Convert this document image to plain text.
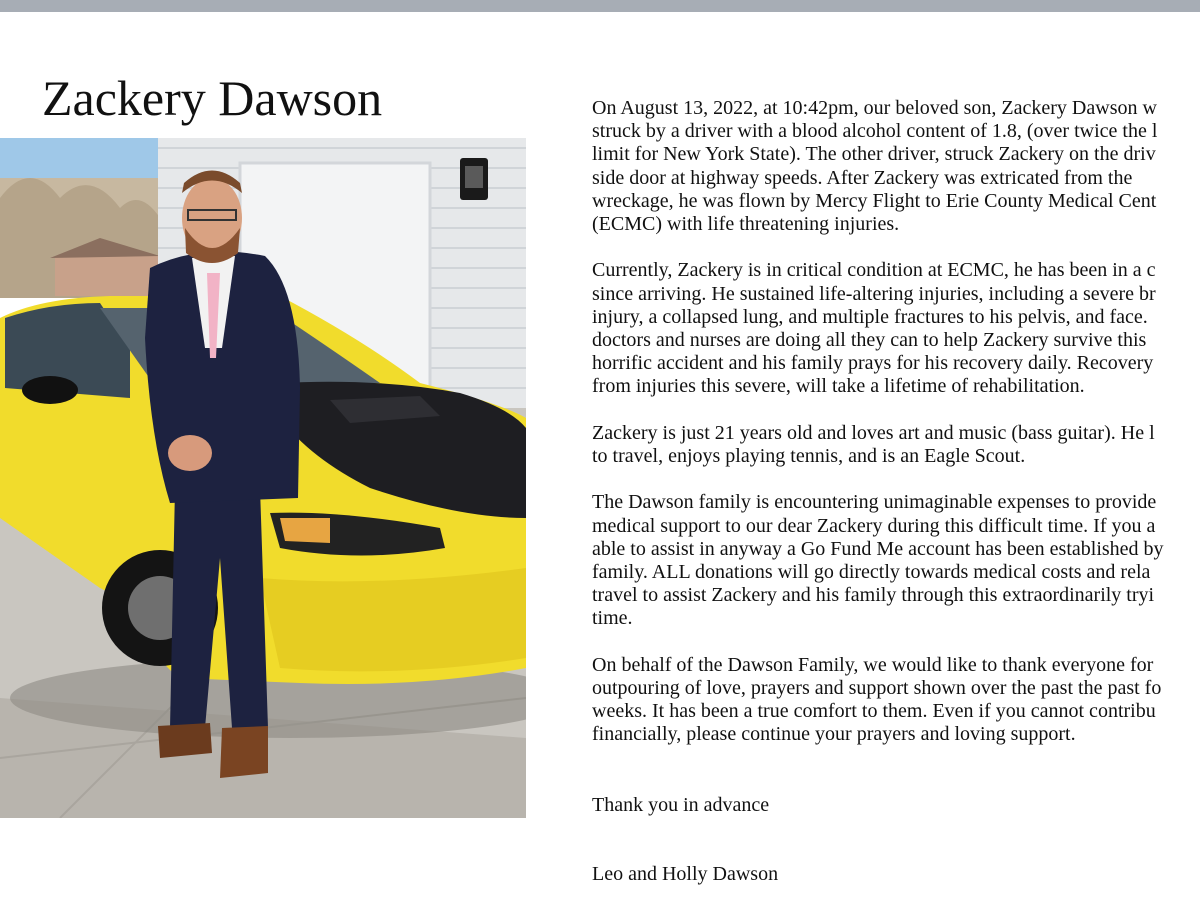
Zackery Dawson	On August 13, 2022, at 10:42pm, our beloved son, Zackery Dawson w
struck by a driver with a blood alcohol content of 1.8, (over twice the l
limit for New York State). The other driver, struck Zackery on the driv
side door at highway speeds. After Zackery was extricated from the
wreckage, he was flown by Mercy Flight to Erie County Medical Cent
(ECMC) with life threatening injuries.

Currently, Zackery is in critical condition at ECMC, he has been in a c
since arriving. He sustained life-altering injuries, including a severe br
injury, a collapsed lung, and multiple fractures to his pelvis, and face.
doctors and nurses are doing all they can to help Zackery survive this
horrific accident and his family prays for his recovery daily. Recovery
from injuries this severe, will take a lifetime of rehabilitation.

Zackery is just 21 years old and loves art and music (bass guitar). He l
to travel, enjoys playing tennis, and is an Eagle Scout.

The Dawson family is encountering unimaginable expenses to provide
medical support to our dear Zackery during this difficult time. If you a
able to assist in anyway a Go Fund Me account has been established by
family. ALL donations will go directly towards medical costs and rela
travel to assist Zackery and his family through this extraordinarily tryi
time.

On behalf of the Dawson Family, we would like to thank everyone for
outpouring of love, prayers and support shown over the past the past fo
weeks. It has been a true comfort to them. Even if you cannot contribu
financially, please continue your prayers and loving support.

Thank you in advance
Leo and Holly Dawson
